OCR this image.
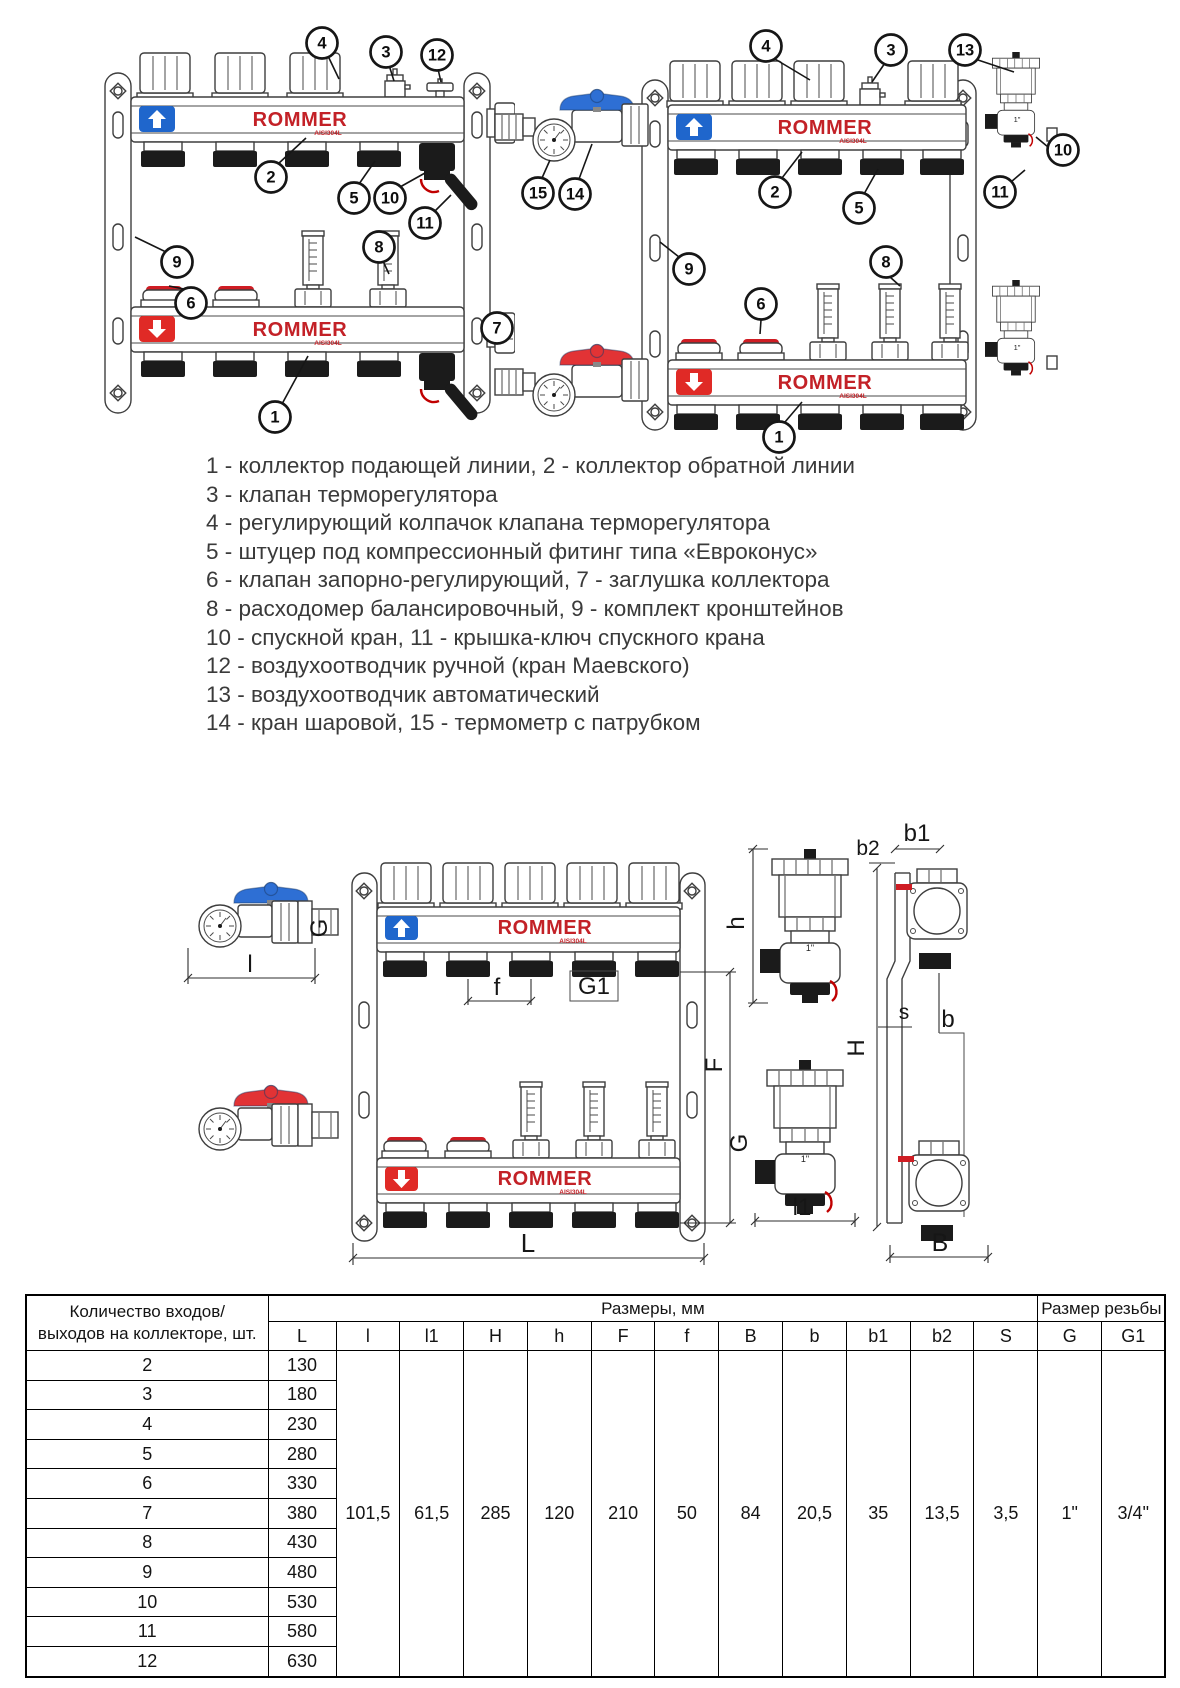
ROMMER
AISI304L
ROMMER
AISI304L
4	3 12
2
5 10
11
9
6
8
7
1
ROMMER
AISI304L
1"
ROMMER
AISI304L
1"
4	3	13
15 14	2
5
9
6
8
10
11
1
1 - коллектор подающей линии, 2 - коллектор обратной линии
3 - клапан терморегулятора
4 - регулирующий колпачок клапана терморегулятора
5 - штуцер под компрессионный фитинг типа «Евроконус»
6 - клапан запорно-регулирующий, 7 - заглушка коллектора
8 - расходомер балансировочный, 9 - комплект кронштейнов
10 - спускной кран, 11 - крышка-ключ спускного крана
12 - воздухоотводчик ручной (кран Маевского)
13 - воздухоотводчик автоматический
14 - кран шаровой, 15 - термометр с патрубком
G
l
ROMMER
AISI304L
f	G1
ROMMER
AISI304L
L
F
h
1"
G
1"
l1
H
b2
b1
s b
B
Количество входов/выходов на коллекторе, шт.	Размеры, мм												Размер резьбы	
	L	l	l1	H	h	F	f	B	b	b1	b2	S	G	G1
2	130	101,5	61,5	285	120	210	50	84	20,5	35	13,5	3,5	1"	3/4"
3	180													
4	230													
5	280													
6	330													
7	380													
8	430													
9	480													
10	530													
11	580													
12	630													
